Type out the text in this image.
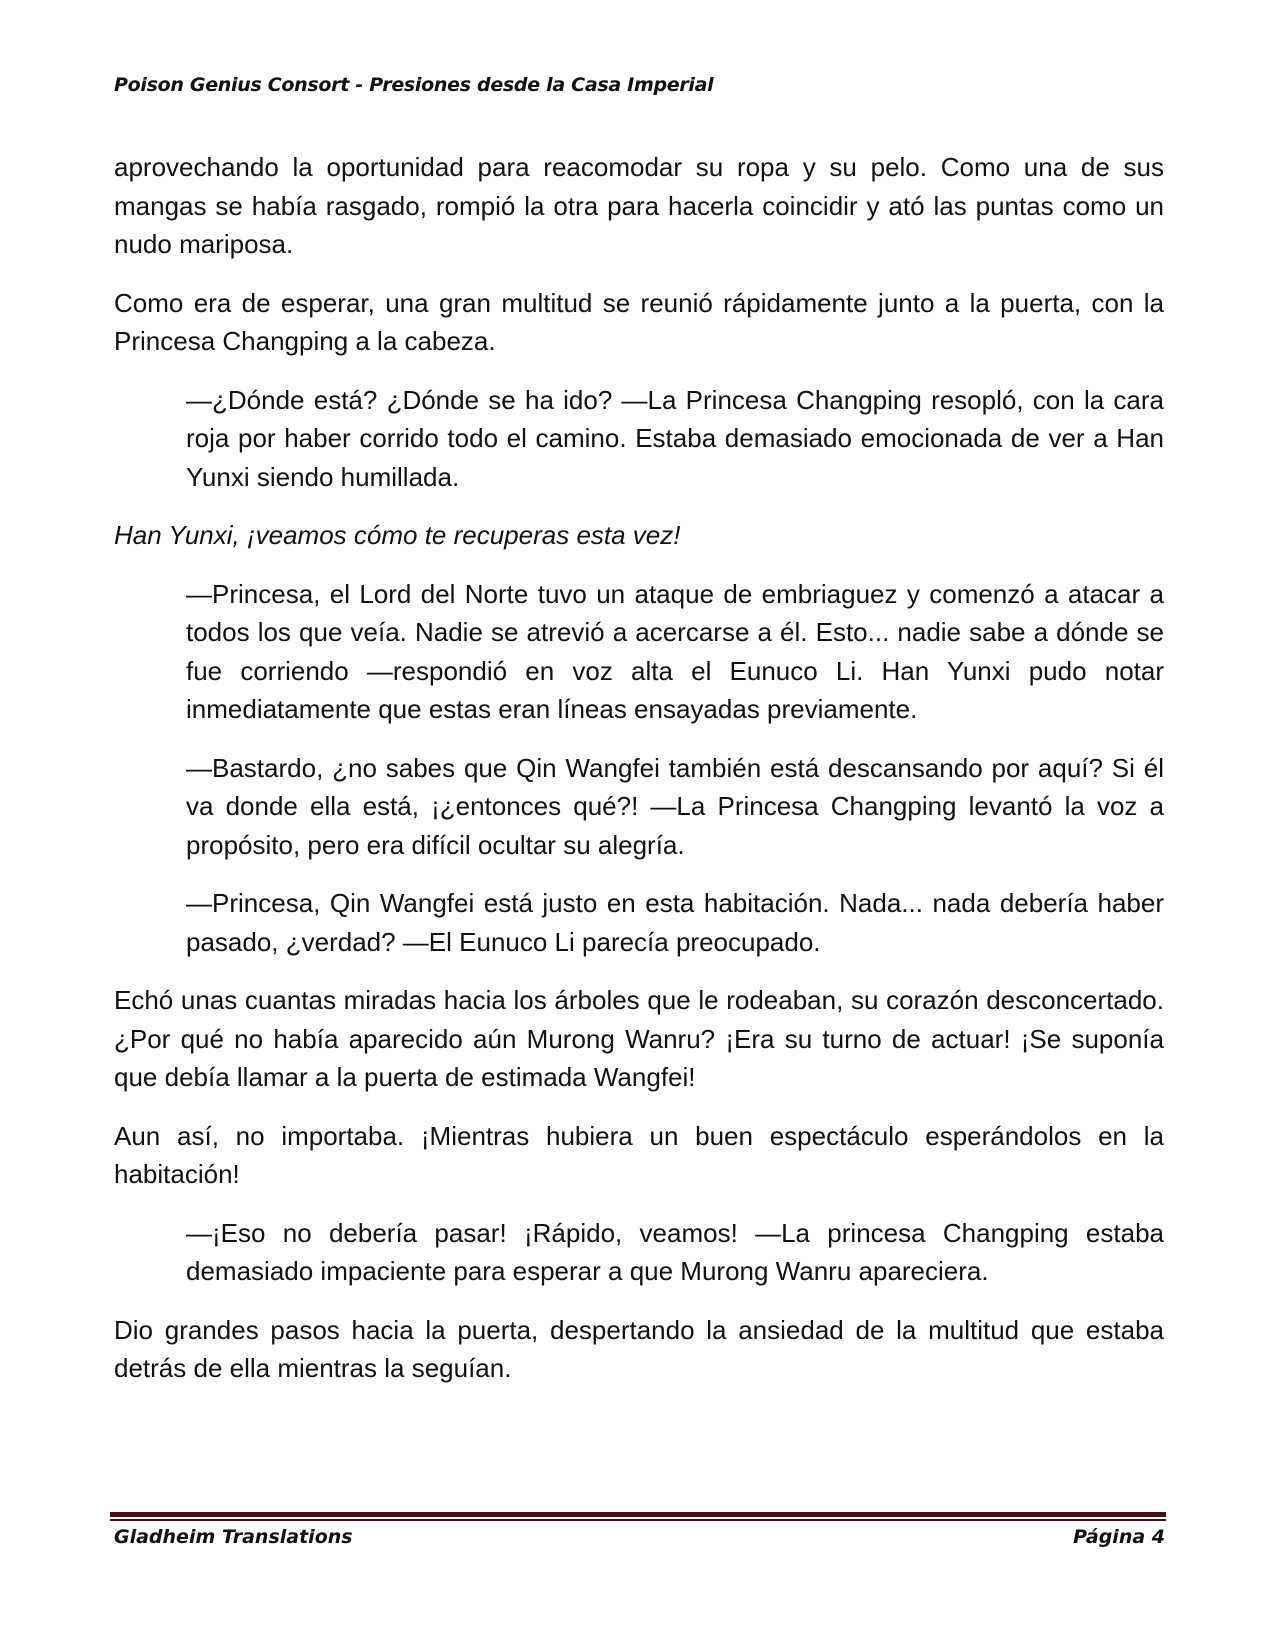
Poison Genius Consort - Presiones desde la Casa Imperial

aprovechando la oportunidad para reacomodar su ropa y su pelo. Como una de sus mangas se había rasgado, rompió la otra para hacerla coincidir y ató las puntas como un nudo mariposa.

Como era de esperar, una gran multitud se reunió rápidamente junto a la puerta, con la Princesa Changping a la cabeza.

—¿Dónde está? ¿Dónde se ha ido? —La Princesa Changping resopló, con la cara roja por haber corrido todo el camino. Estaba demasiado emocionada de ver a Han Yunxi siendo humillada.

Han Yunxi, ¡veamos cómo te recuperas esta vez!

—Princesa, el Lord del Norte tuvo un ataque de embriaguez y comenzó a atacar a todos los que veía. Nadie se atrevió a acercarse a él. Esto... nadie sabe a dónde se fue corriendo —respondió en voz alta el Eunuco Li. Han Yunxi pudo notar inmediatamente que estas eran líneas ensayadas previamente.

—Bastardo, ¿no sabes que Qin Wangfei también está descansando por aquí? Si él va donde ella está, ¡¿entonces qué?! —La Princesa Changping levantó la voz a propósito, pero era difícil ocultar su alegría.

—Princesa, Qin Wangfei está justo en esta habitación. Nada... nada debería haber pasado, ¿verdad? —El Eunuco Li parecía preocupado.

Echó unas cuantas miradas hacia los árboles que le rodeaban, su corazón desconcertado. ¿Por qué no había aparecido aún Murong Wanru? ¡Era su turno de actuar! ¡Se suponía que debía llamar a la puerta de estimada Wangfei!

Aun así, no importaba. ¡Mientras hubiera un buen espectáculo esperándolos en la habitación!

—¡Eso no debería pasar! ¡Rápido, veamos! —La princesa Changping estaba demasiado impaciente para esperar a que Murong Wanru apareciera.

Dio grandes pasos hacia la puerta, despertando la ansiedad de la multitud que estaba detrás de ella mientras la seguían.

Gladheim Translations	Página 4
